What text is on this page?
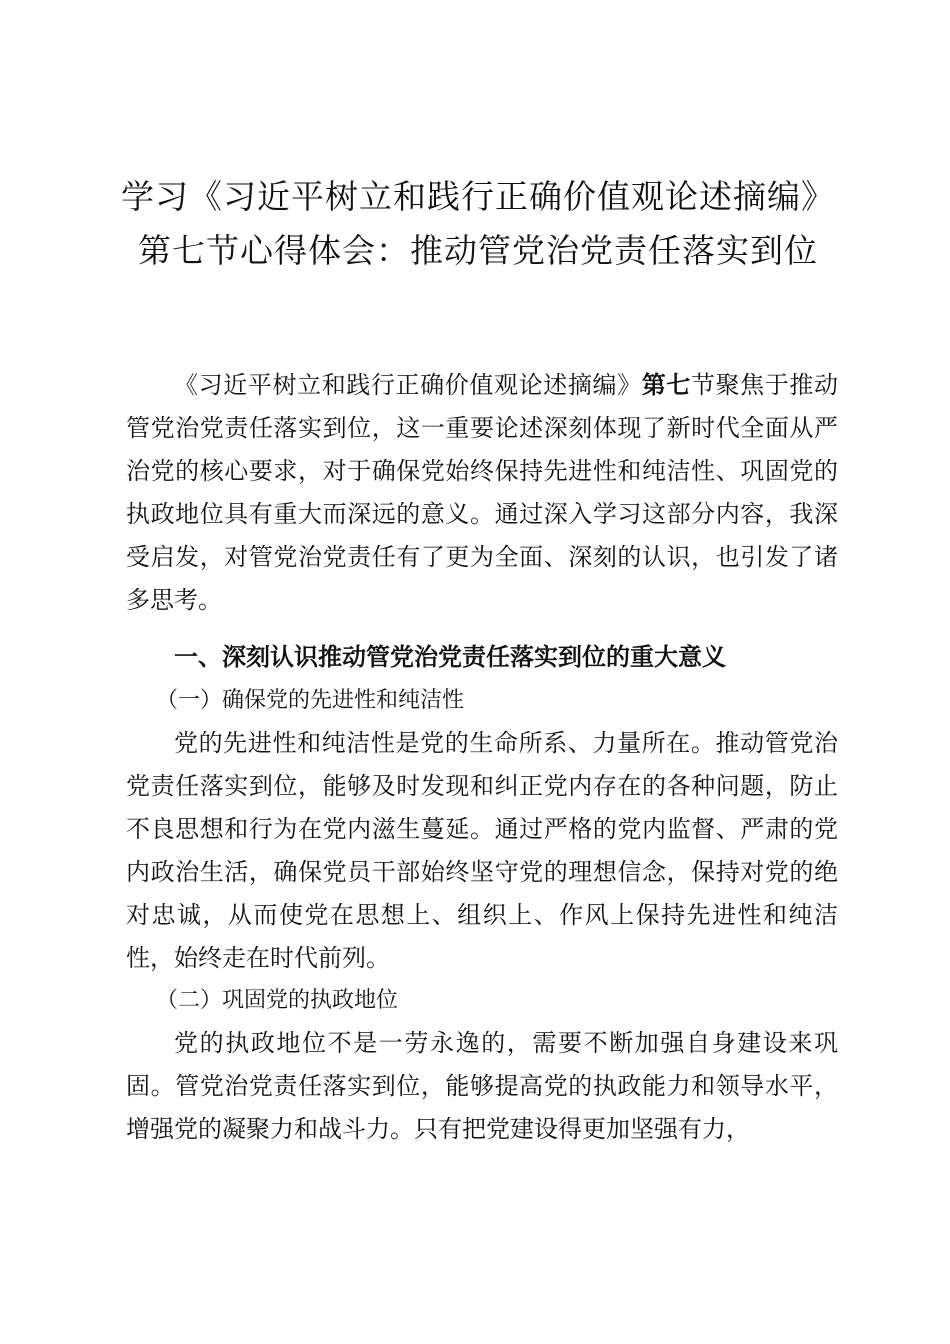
学习《习近平树立和践行正确价值观论述摘编》第七节心得体会：推动管党治党责任落实到位

《习近平树立和践行正确价值观论述摘编》第七节聚焦于推动管党治党责任落实到位，这一重要论述深刻体现了新时代全面从严治党的核心要求，对于确保党始终保持先进性和纯洁性、巩固党的执政地位具有重大而深远的意义。通过深入学习这部分内容，我深受启发，对管党治党责任有了更为全面、深刻的认识，也引发了诸多思考。

一、深刻认识推动管党治党责任落实到位的重大意义

（一）确保党的先进性和纯洁性

党的先进性和纯洁性是党的生命所系、力量所在。推动管党治党责任落实到位，能够及时发现和纠正党内存在的各种问题，防止不良思想和行为在党内滋生蔓延。通过严格的党内监督、严肃的党内政治生活，确保党员干部始终坚守党的理想信念，保持对党的绝对忠诚，从而使党在思想上、组织上、作风上保持先进性和纯洁性，始终走在时代前列。

（二）巩固党的执政地位

党的执政地位不是一劳永逸的，需要不断加强自身建设来巩固。管党治党责任落实到位，能够提高党的执政能力和领导水平，增强党的凝聚力和战斗力。只有把党建设得更加坚强有力，
